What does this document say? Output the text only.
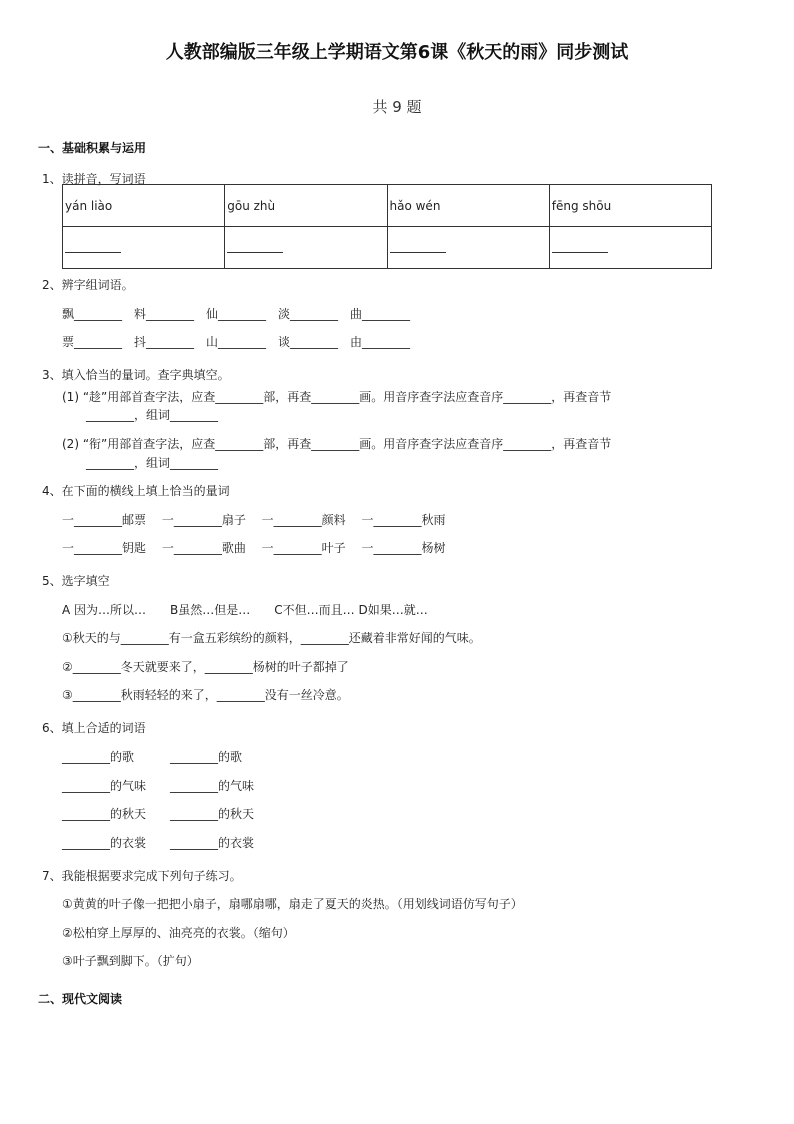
人教部编版三年级上学期语文第6课《秋天的雨》同步测试
共 9 题
一、基础积累与运用
1、读拼音，写词语
yán liào	gōu zhù	hǎo wén	fēng shōu

2、辨字组词语。
飘________　料________　仙________　淡________　曲________
票________　抖________　山________　谈________　由________
3、填入恰当的量词。查字典填空。
(1) “趁”用部首查字法，应查________部，再查________画。用音序查字法应查音序________，再查音节
________，组词________
(2) “衔”用部首查字法，应查________部，再查________画。用音序查字法应查音序________，再查音节
________，组词________
4、在下面的横线上填上恰当的量词
一________邮票　 一________扇子　 一________颜料　 一________秋雨
一________钥匙　 一________歌曲　 一________叶子　 一________杨树
5、选字填空
A 因为…所以…　　B虽然…但是…　　C不但…而且… D如果…就…
①秋天的与________有一盒五彩缤纷的颜料，________还藏着非常好闻的气味。
②________冬天就要来了，________杨树的叶子都掉了
③________秋雨轻轻的来了，________没有一丝冷意。
6、填上合适的词语
________的歌　　　________的歌
________的气味　　________的气味
________的秋天　　________的秋天
________的衣裳　　________的衣裳
7、我能根据要求完成下列句子练习。
①黄黄的叶子像一把把小扇子，扇哪扇哪，扇走了夏天的炎热。（用划线词语仿写句子）
②松柏穿上厚厚的、油亮亮的衣裳。（缩句）
③叶子飘到脚下。（扩句）
二、现代文阅读
